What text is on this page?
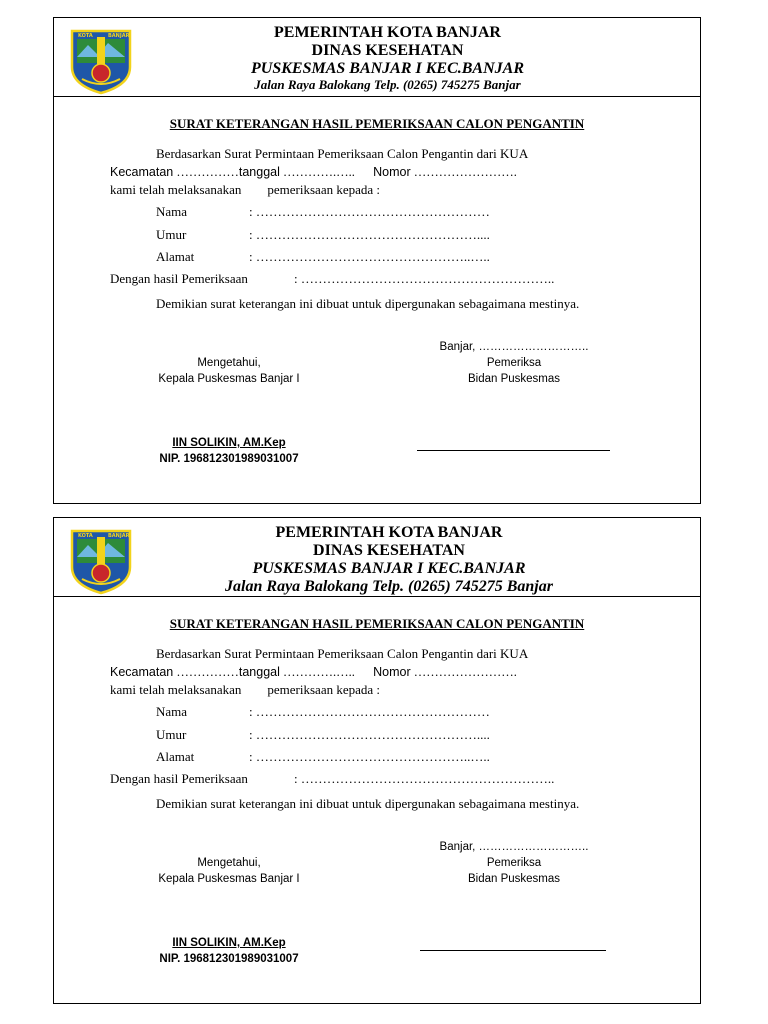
KOTA	BANJAR	PEMERINTAH KOTA BANJAR
DINAS KESEHATAN
PUSKESMAS BANJAR I KEC.BANJAR
Jalan Raya Balokang Telp. (0265) 745275 Banjar
SURAT KETERANGAN HASIL PEMERIKSAAN CALON PENGANTIN
Berdasarkan Surat Permintaan Pemeriksaan Calon Pengantin dari KUA
Kecamatan ……………tanggal ………….….. Nomor …………………….
kami telah melaksanakan pemeriksaan kepada :
Nama	: ………………………………………………
Umur	: ……………………………………………....
Alamat	: …………………………………………..…..
Dengan hasil Pemeriksaan	: …………………………………………………..
Demikian surat keterangan ini dibuat untuk dipergunakan sebagaimana mestinya.
Banjar, ………………………..
Mengetahui,
Kepala Puskesmas Banjar I
Pemeriksa
Bidan Puskesmas
IIN SOLIKIN, AM.Kep
NIP. 196812301989031007
KOTA	BANJAR	PEMERINTAH KOTA BANJAR
DINAS KESEHATAN
PUSKESMAS BANJAR I KEC.BANJAR
Jalan Raya Balokang Telp. (0265) 745275 Banjar
SURAT KETERANGAN HASIL PEMERIKSAAN CALON PENGANTIN
Berdasarkan Surat Permintaan Pemeriksaan Calon Pengantin dari KUA
Kecamatan ……………tanggal ………….….. Nomor …………………….
kami telah melaksanakan pemeriksaan kepada :
Nama	: ………………………………………………
Umur	: ……………………………………………....
Alamat	: …………………………………………..…..
Dengan hasil Pemeriksaan	: …………………………………………………..
Demikian surat keterangan ini dibuat untuk dipergunakan sebagaimana mestinya.
Banjar, ………………………..
Mengetahui,
Kepala Puskesmas Banjar I
Pemeriksa
Bidan Puskesmas
IIN SOLIKIN, AM.Kep
NIP. 196812301989031007
